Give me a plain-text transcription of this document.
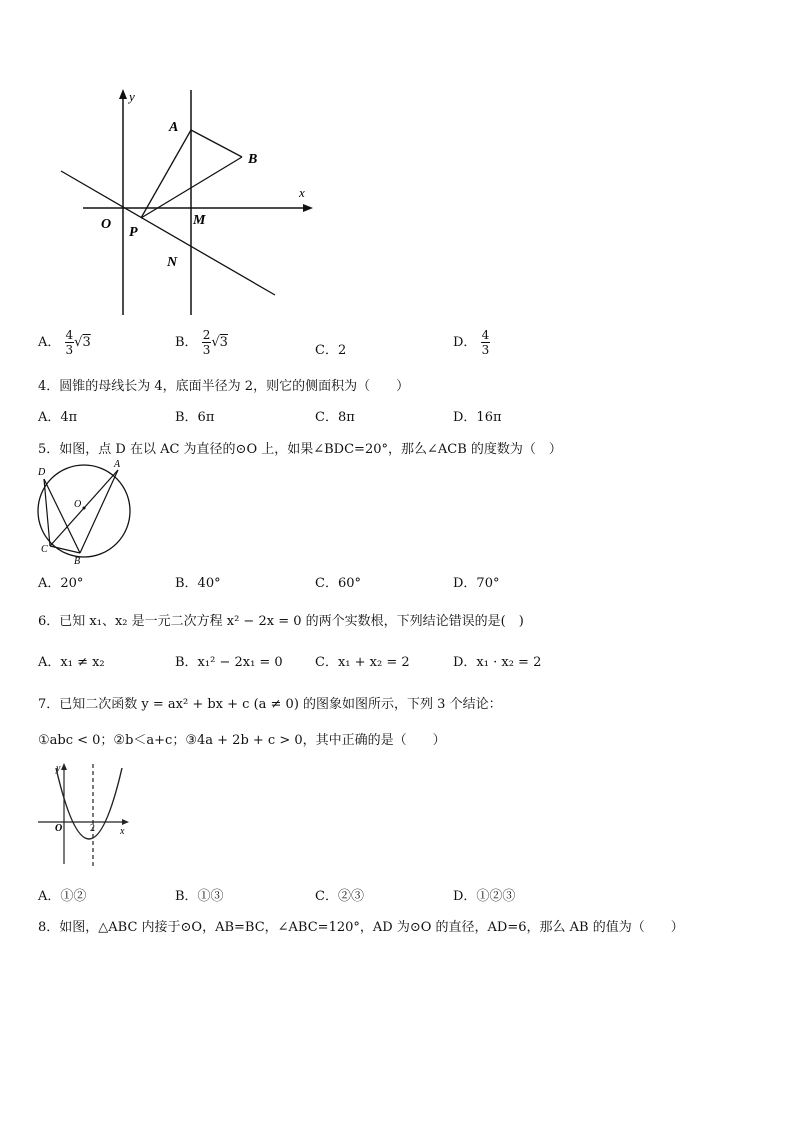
y
x
O
A
B
P
M
N
A． $\frac{4}{3} √3$	B． $\frac{2}{3} √3$
C．2
D． $\frac{4}{3}$
4．圆锥的母线长为 4，底面半径为 2，则它的侧面积为（　　）
A．4π	B．6π	C．8π	D．16π
5．如图，点 D 在以 AC 为直径的⊙O 上，如果∠BDC=20°，那么∠ACB 的度数为（　）
D
A
O
C
B
A．20°	B．40°	C．60°	D．70°
6．已知 x₁、x₂ 是一元二次方程 x² − 2x = 0 的两个实数根，下列结论错误的是(　)
A．x₁ ≠ x₂	B．x₁² − 2x₁ = 0 C．x₁ + x₂ = 2	D．x₁ · x₂ = 2
7．已知二次函数 y = ax² + bx + c (a ≠ 0) 的图象如图所示，下列 3 个结论：
①abc < 0；②b＜a+c；③4a + 2b + c > 0，其中正确的是（　　）
y
x
O	2
A．①②	B．①③	C．②③	D．①②③
8．如图，△ABC 内接于⊙O，AB=BC，∠ABC=120°，AD 为⊙O 的直径，AD=6，那么 AB 的值为（　　）
